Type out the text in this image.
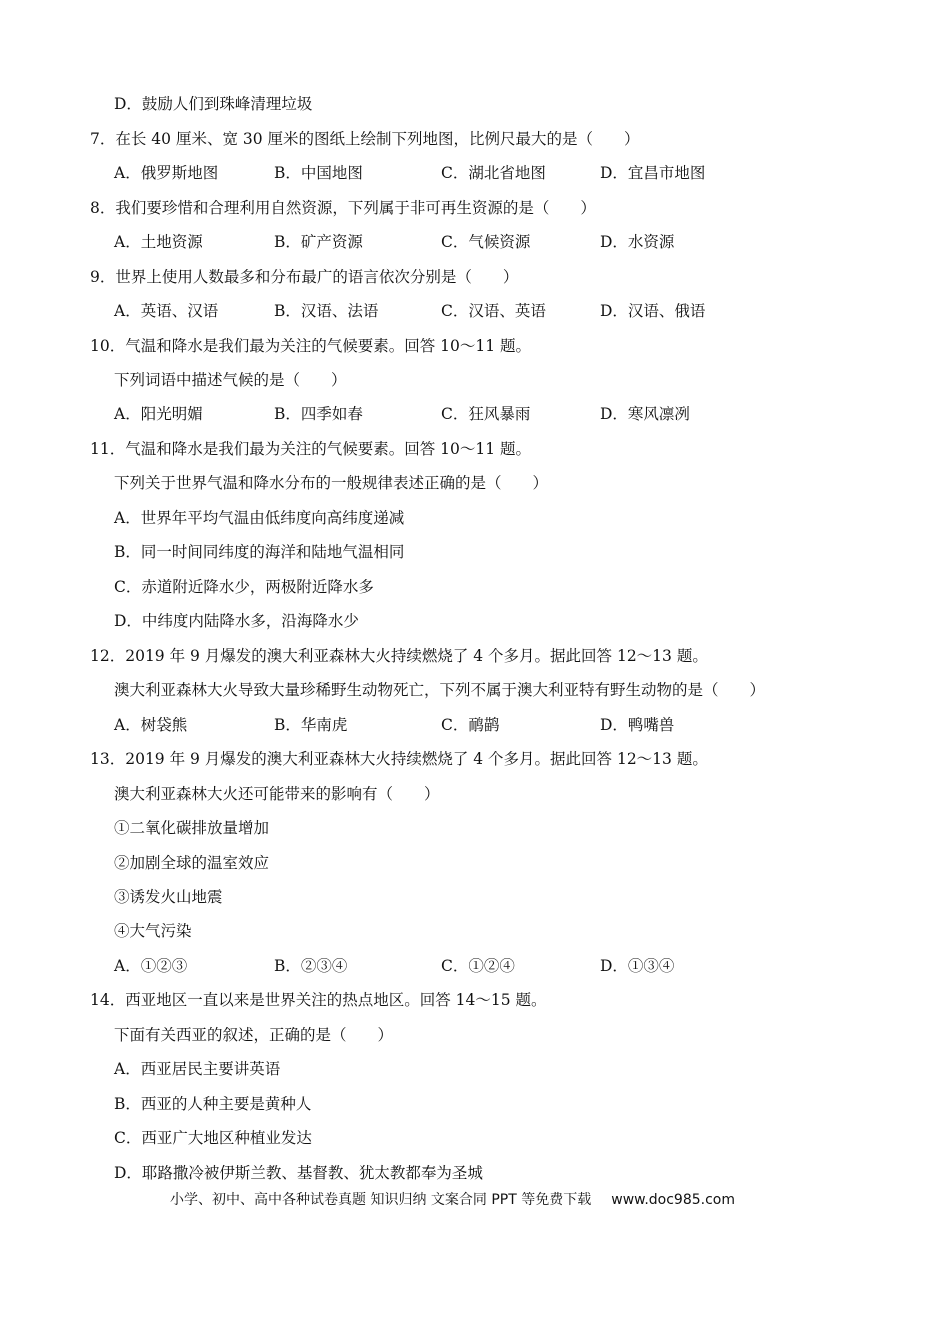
D．鼓励人们到珠峰清理垃圾
7．在长 40 厘米、宽 30 厘米的图纸上绘制下列地图，比例尺最大的是（　　）
A．俄罗斯地图	B．中国地图	C．湖北省地图	D．宜昌市地图
8．我们要珍惜和合理利用自然资源，下列属于非可再生资源的是（　　）
A．土地资源	B．矿产资源	C．气候资源	D．水资源
9．世界上使用人数最多和分布最广的语言依次分别是（　　）
A．英语、汉语	B．汉语、法语	C．汉语、英语	D．汉语、俄语
10．气温和降水是我们最为关注的气候要素。回答 10～11 题。
下列词语中描述气候的是（　　）
A．阳光明媚	B．四季如春	C．狂风暴雨	D．寒风凛冽
11．气温和降水是我们最为关注的气候要素。回答 10～11 题。
下列关于世界气温和降水分布的一般规律表述正确的是（　　）
A．世界年平均气温由低纬度向高纬度递减
B．同一时间同纬度的海洋和陆地气温相同
C．赤道附近降水少，两极附近降水多
D．中纬度内陆降水多，沿海降水少
12．2019 年 9 月爆发的澳大利亚森林大火持续燃烧了 4 个多月。据此回答 12～13 题。
澳大利亚森林大火导致大量珍稀野生动物死亡，下列不属于澳大利亚特有野生动物的是（　　）
A．树袋熊	B．华南虎	C．鸸鹋	D．鸭嘴兽
13．2019 年 9 月爆发的澳大利亚森林大火持续燃烧了 4 个多月。据此回答 12～13 题。
澳大利亚森林大火还可能带来的影响有（　　）
①二氧化碳排放量增加
②加剧全球的温室效应
③诱发火山地震
④大气污染
A．①②③	B．②③④	C．①②④	D．①③④
14．西亚地区一直以来是世界关注的热点地区。回答 14～15 题。
下面有关西亚的叙述，正确的是（　　）
A．西亚居民主要讲英语
B．西亚的人种主要是黄种人
C．西亚广大地区种植业发达
D．耶路撒冷被伊斯兰教、基督教、犹太教都奉为圣城
小学、初中、高中各种试卷真题 知识归纳 文案合同 PPT 等免费下载 www.doc985.com
